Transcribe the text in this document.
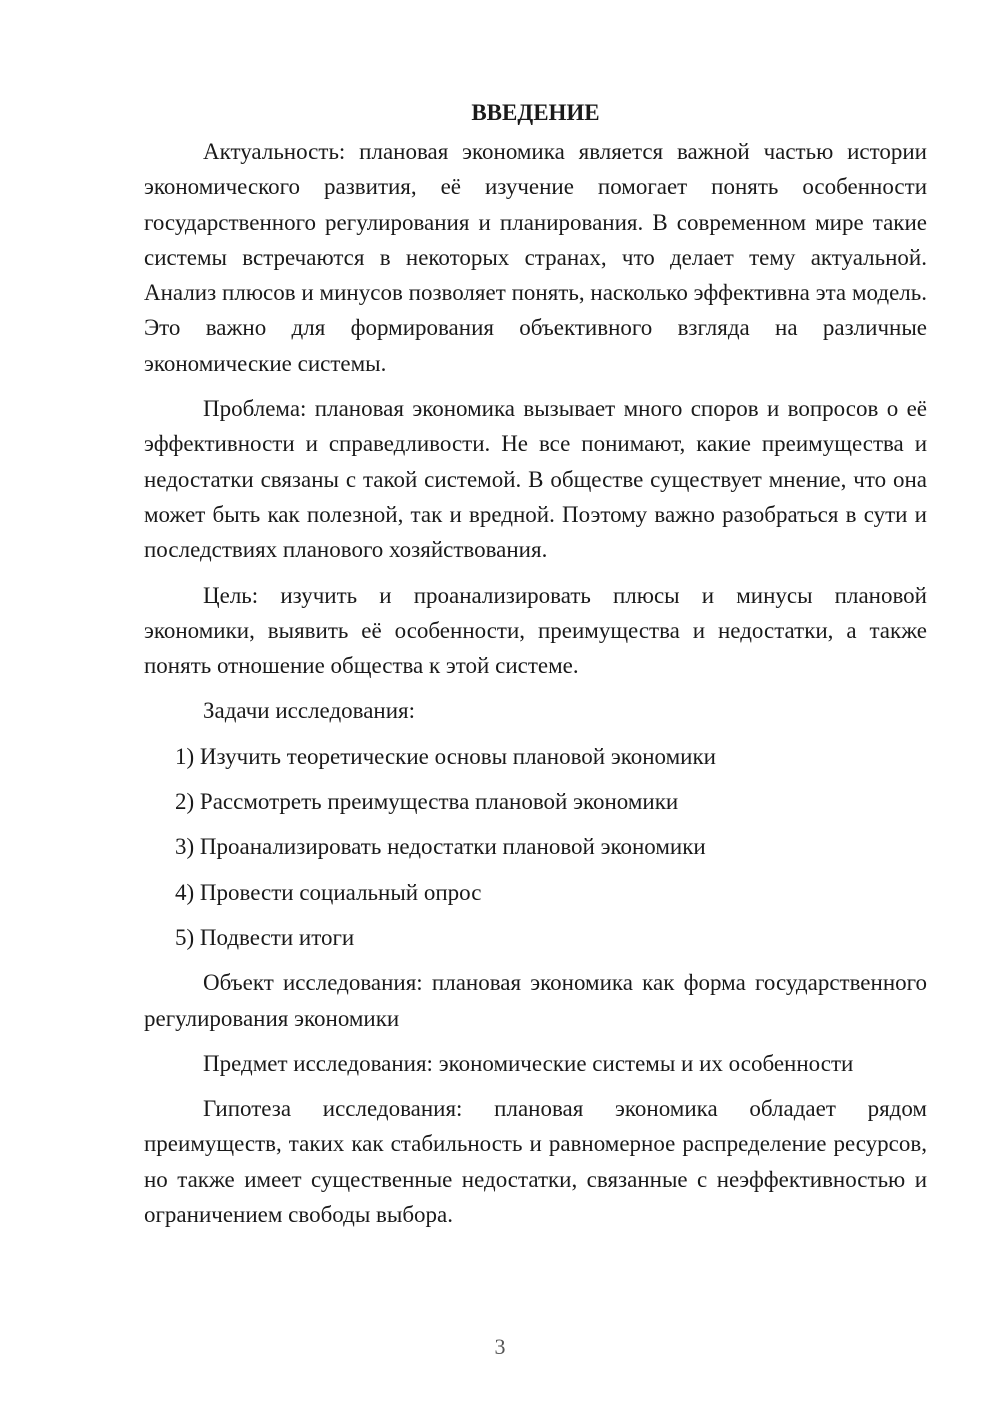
ВВЕДЕНИЕ

Актуальность: плановая экономика является важной частью истории экономического развития, её изучение помогает понять особенности государственного регулирования и планирования. В современном мире такие системы встречаются в некоторых странах, что делает тему актуальной. Анализ плюсов и минусов позволяет понять, насколько эффективна эта модель. Это важно для формирования объективного взгляда на различные экономические системы.

Проблема: плановая экономика вызывает много споров и вопросов о её эффективности и справедливости. Не все понимают, какие преимущества и недостатки связаны с такой системой. В обществе существует мнение, что она может быть как полезной, так и вредной. Поэтому важно разобраться в сути и последствиях планового хозяйствования.

Цель: изучить и проанализировать плюсы и минусы плановой экономики, выявить её особенности, преимущества и недостатки, а также понять отношение общества к этой системе.

Задачи исследования:

1) Изучить теоретические основы плановой экономики

2) Рассмотреть преимущества плановой экономики

3) Проанализировать недостатки плановой экономики

4) Провести социальный опрос

5) Подвести итоги

Объект исследования: плановая экономика как форма государственного регулирования экономики

Предмет исследования: экономические системы и их особенности

Гипотеза исследования: плановая экономика обладает рядом преимуществ, таких как стабильность и равномерное распределение ресурсов, но также имеет существенные недостатки, связанные с неэффективностью и ограничением свободы выбора.

3
